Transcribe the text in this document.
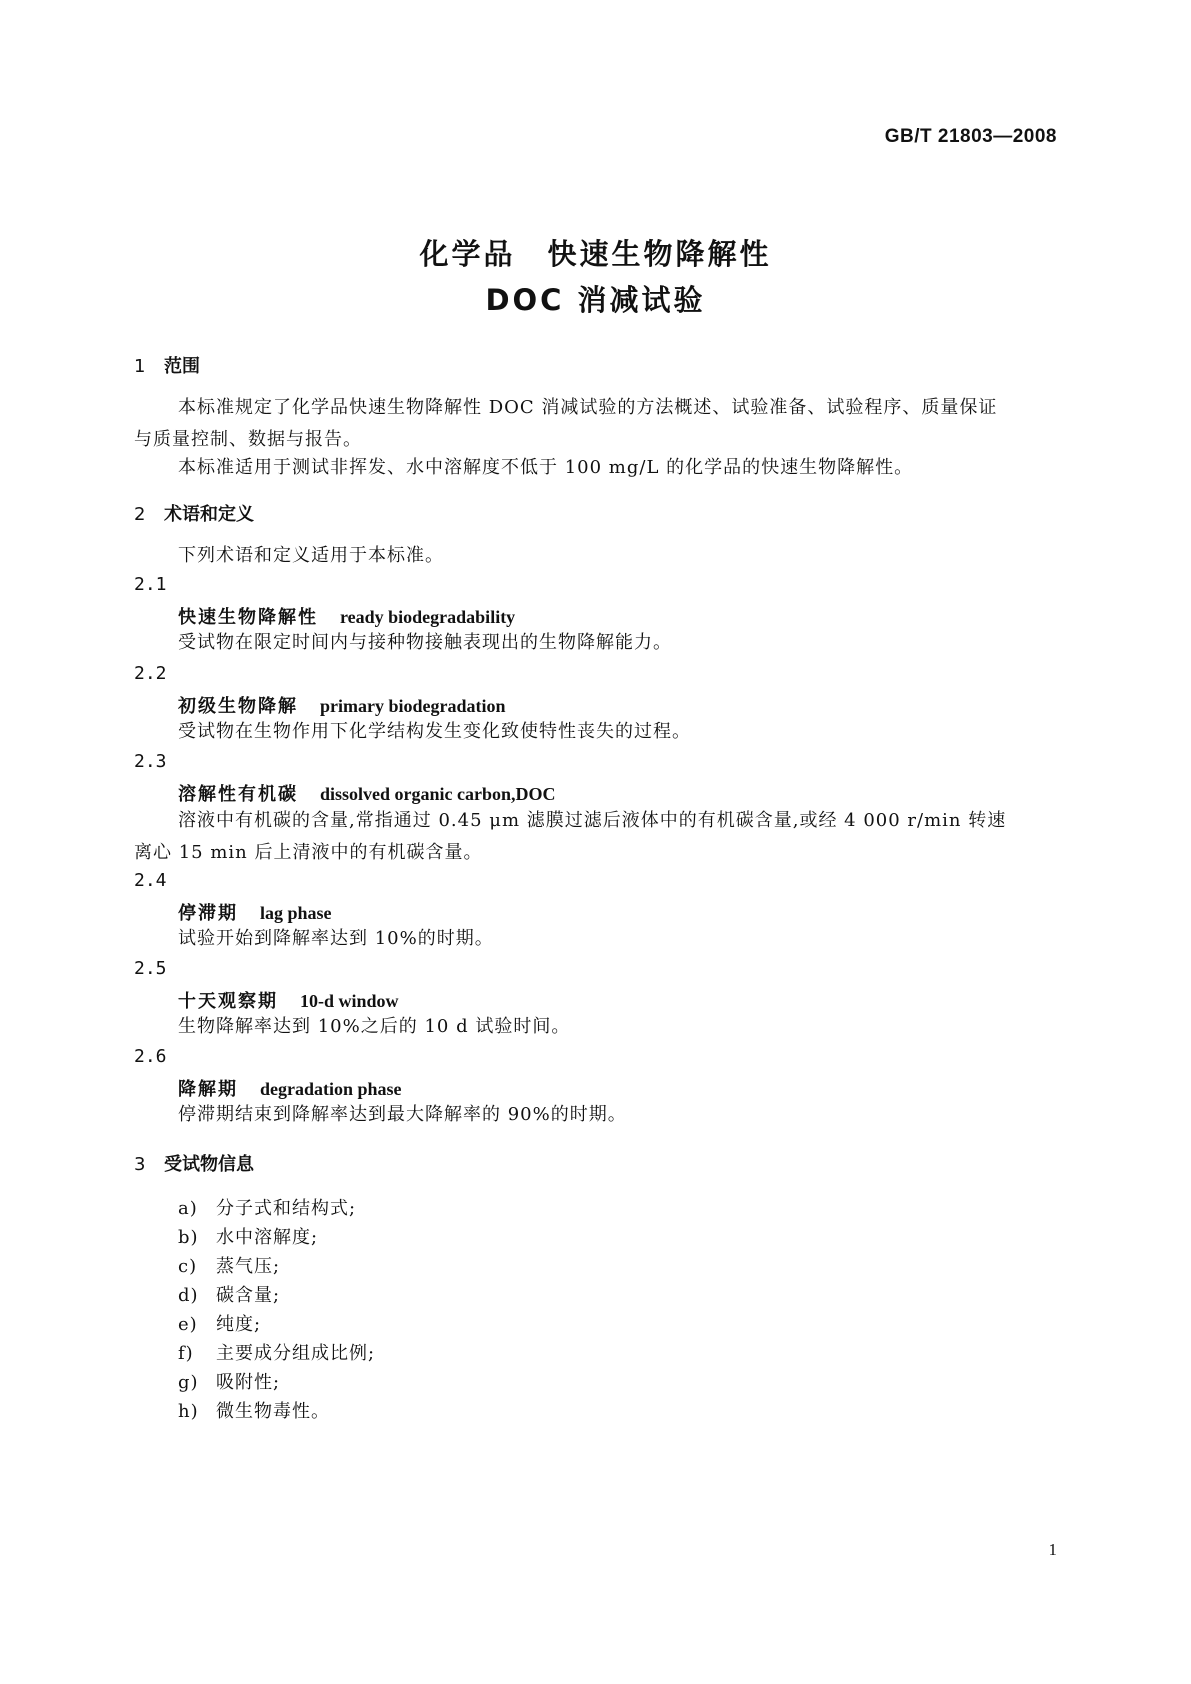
GB/T 21803—2008
化学品　快速生物降解性
DOC 消减试验
1 范围
本标准规定了化学品快速生物降解性 DOC 消减试验的方法概述、试验准备、试验程序、质量保证
与质量控制、数据与报告。
本标准适用于测试非挥发、水中溶解度不低于 100 mg/L 的化学品的快速生物降解性。
2 术语和定义
下列术语和定义适用于本标准。
2.1
快速生物降解性 ready biodegradability
受试物在限定时间内与接种物接触表现出的生物降解能力。
2.2
初级生物降解 primary biodegradation
受试物在生物作用下化学结构发生变化致使特性丧失的过程。
2.3
溶解性有机碳 dissolved organic carbon,DOC
溶液中有机碳的含量,常指通过 0.45 μm 滤膜过滤后液体中的有机碳含量,或经 4 000 r/min 转速
离心 15 min 后上清液中的有机碳含量。
2.4
停滞期 lag phase
试验开始到降解率达到 10%的时期。
2.5
十天观察期 10-d window
生物降解率达到 10%之后的 10 d 试验时间。
2.6
降解期 degradation phase
停滞期结束到降解率达到最大降解率的 90%的时期。
3 受试物信息
a) 分子式和结构式;
b) 水中溶解度;
c) 蒸气压;
d) 碳含量;
e) 纯度;
f) 主要成分组成比例;
g) 吸附性;
h) 微生物毒性。
1
